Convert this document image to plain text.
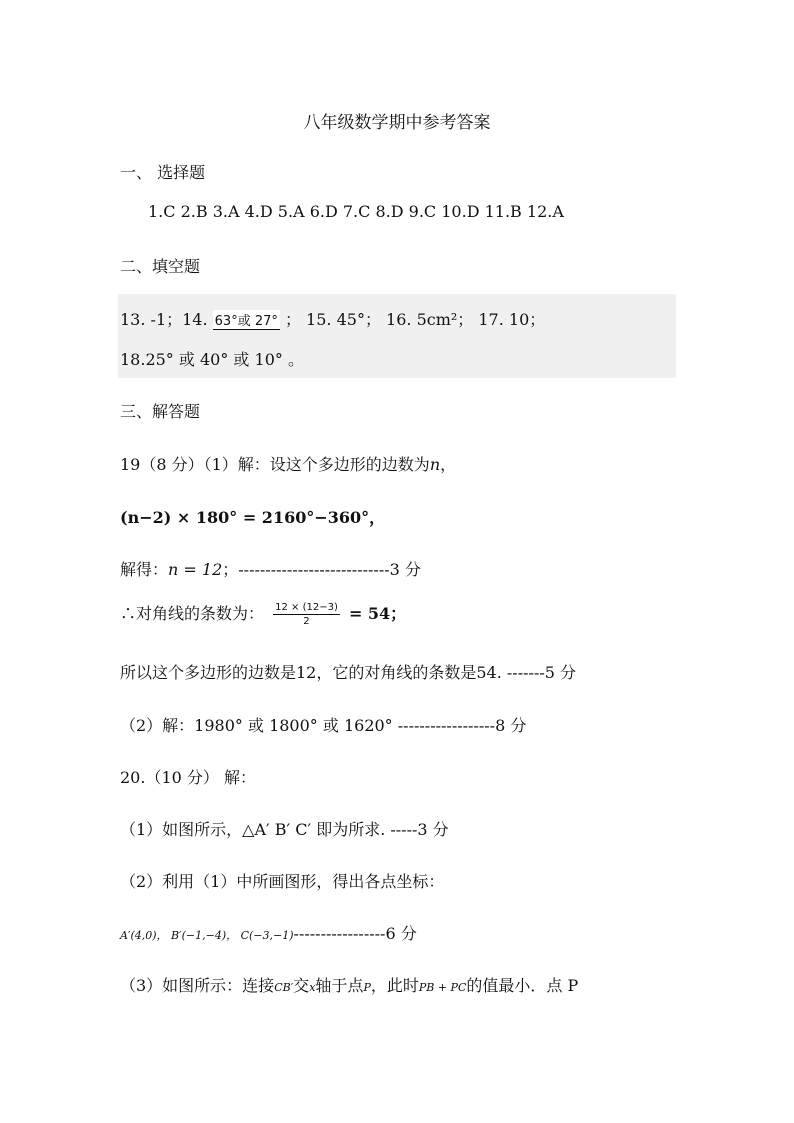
八年级数学期中参考答案
一、 选择题
1.C 2.B 3.A 4.D 5.A 6.D 7.C 8.D 9.C 10.D 11.B 12.A
二、填空题
13. -1；14. 63°或 27° ； 15. 45°； 16. 5cm²； 17. 10；
18.25° 或 40° 或 10° 。
三、解答题
19（8 分）（1）解：设这个多边形的边数为n，
(n−2) × 180° = 2160°−360°，
解得：n = 12；----------------------------3 分
∴对角线的条数为： $\frac{12 \times (12-3)}{2} = 54$；
所以这个多边形的边数是12，它的对角线的条数是54. -------5 分
（2）解：1980° 或 1800° 或 1620° ------------------8 分
20.（10 分） 解：
（1）如图所示，△A′ B′ C′ 即为所求. -----3 分
（2）利用（1）中所画图形，得出各点坐标：
A′(4,0)， B′(−1,−4)， C(−3,−1)-----------------6 分
（3）如图所示：连接CB′交x轴于点P，此时PB + PC的值最小．点 P
